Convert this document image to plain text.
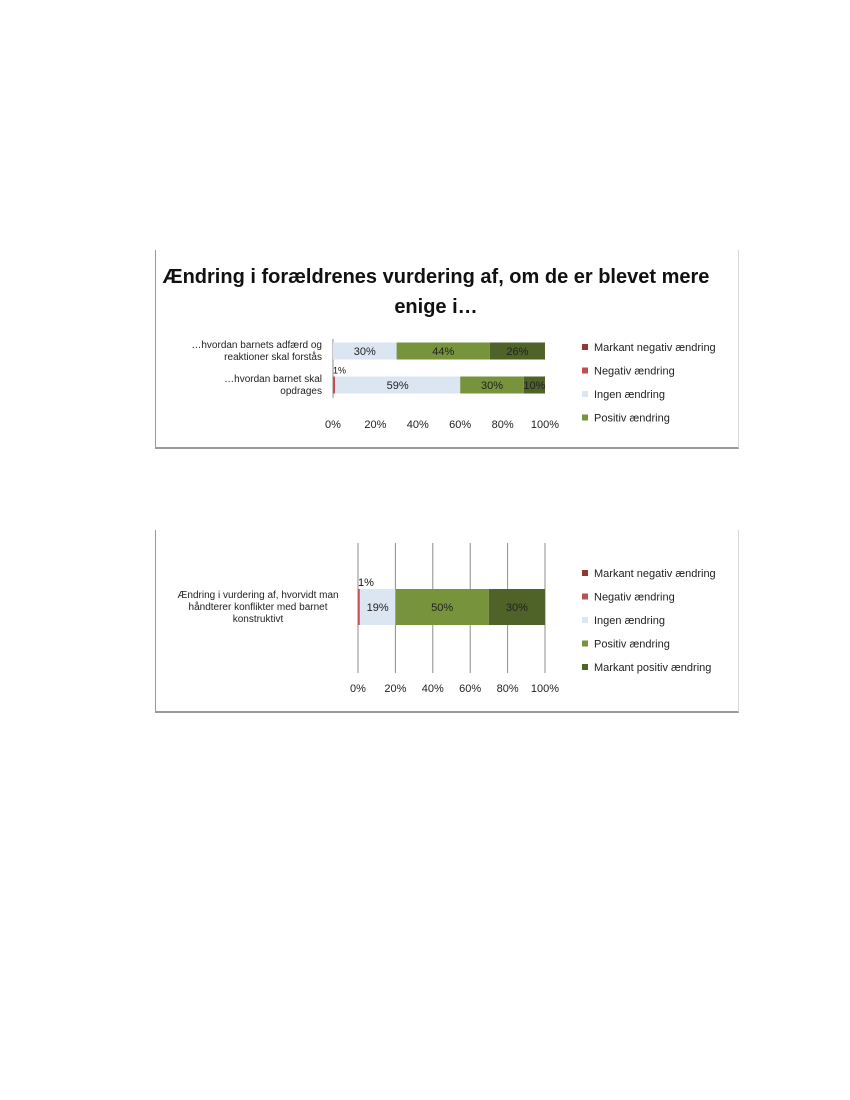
Ændring i forældrenes vurdering af, om de er blevet mere enige i…
0% 20% 40% 60% 80% 100%
30%	44%	26%
…hvordan barnets adfærd og
reaktioner skal forstås
1%
59%	30% 10%
…hvordan barnet skal
opdrages
Markant negativ ændring
Negativ ændring
Ingen ændring
Positiv ændring
0% 20% 40% 60% 80% 100%
1%
19%	50%	30%
Ændring i vurdering af, hvorvidt man
håndterer konflikter med barnet
konstruktivt
Markant negativ ændring
Negativ ændring
Ingen ændring
Positiv ændring
Markant positiv ændring
